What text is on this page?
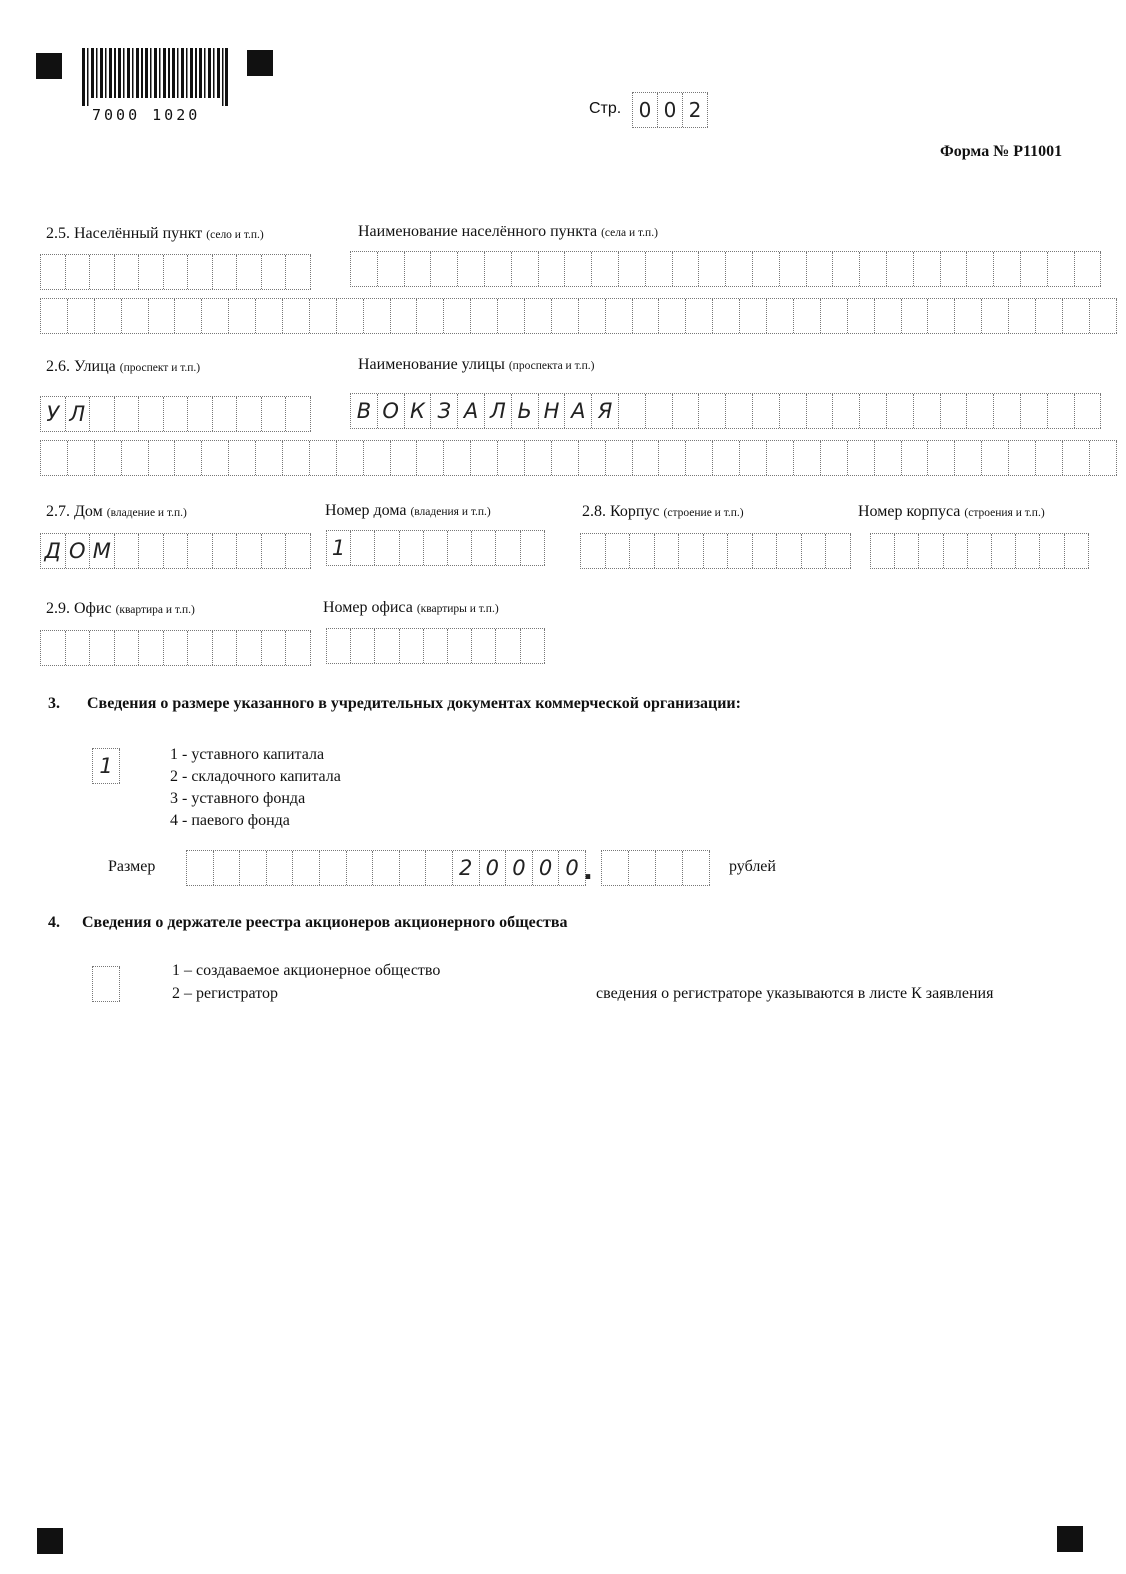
7000 1020	Стр. 0 0 2
Форма № Р11001
2.5. Населённый пункт (село и т.п.)	Наименование населённого пункта (села и т.п.)
2.6. Улица (проспект и т.п.)	Наименование улицы (проспекта и т.п.)
У Л	В О К З А Л Ь Н А Я
2.7. Дом (владение и т.п.)	Номер дома (владения и т.п.)	2.8. Корпус (строение и т.п.)	Номер корпуса (строения и т.п.)
Д О М	1
2.9. Офис (квартира и т.п.)	Номер офиса (квартиры и т.п.)
3. Сведения о размере указанного в учредительных документах коммерческой организации:
1	1 - уставного капитала
2 - складочного капитала
3 - уставного фонда
4 - паевого фонда
Размер	2 0 0 0 0 .	рублей
4. Сведения о держателе реестра акционеров акционерного общества
1 – создаваемое акционерное общество
2 – регистратор	сведения о регистраторе указываются в листе К заявления
